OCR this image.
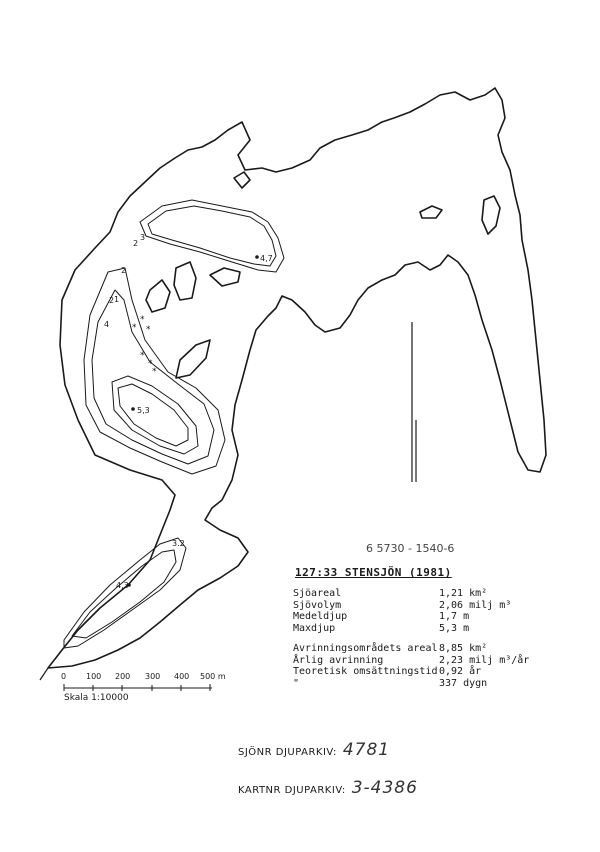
*
* *
*
*
*
4,7
5,3
4,3
2
2
2 1
4
3
3.2	6 5730 - 1540-6
127:33 STENSJÖN (1981)
Sjöareal	1,21 km²
Sjövolym	2,06 milj m³
Medeldjup	1,7 m
Maxdjup	5,3 m
Avrinningsområdets areal 8,85 km²
Årlig avrinning	2,23 milj m³/år
Teoretisk omsättningstid 0,92 år
"	337 dygn
0 100 200 300 400 500 m
Skala 1:10000
SJÖNR DJUPARKIV: 4781
KARTNR DJUPARKIV: 3-4386
